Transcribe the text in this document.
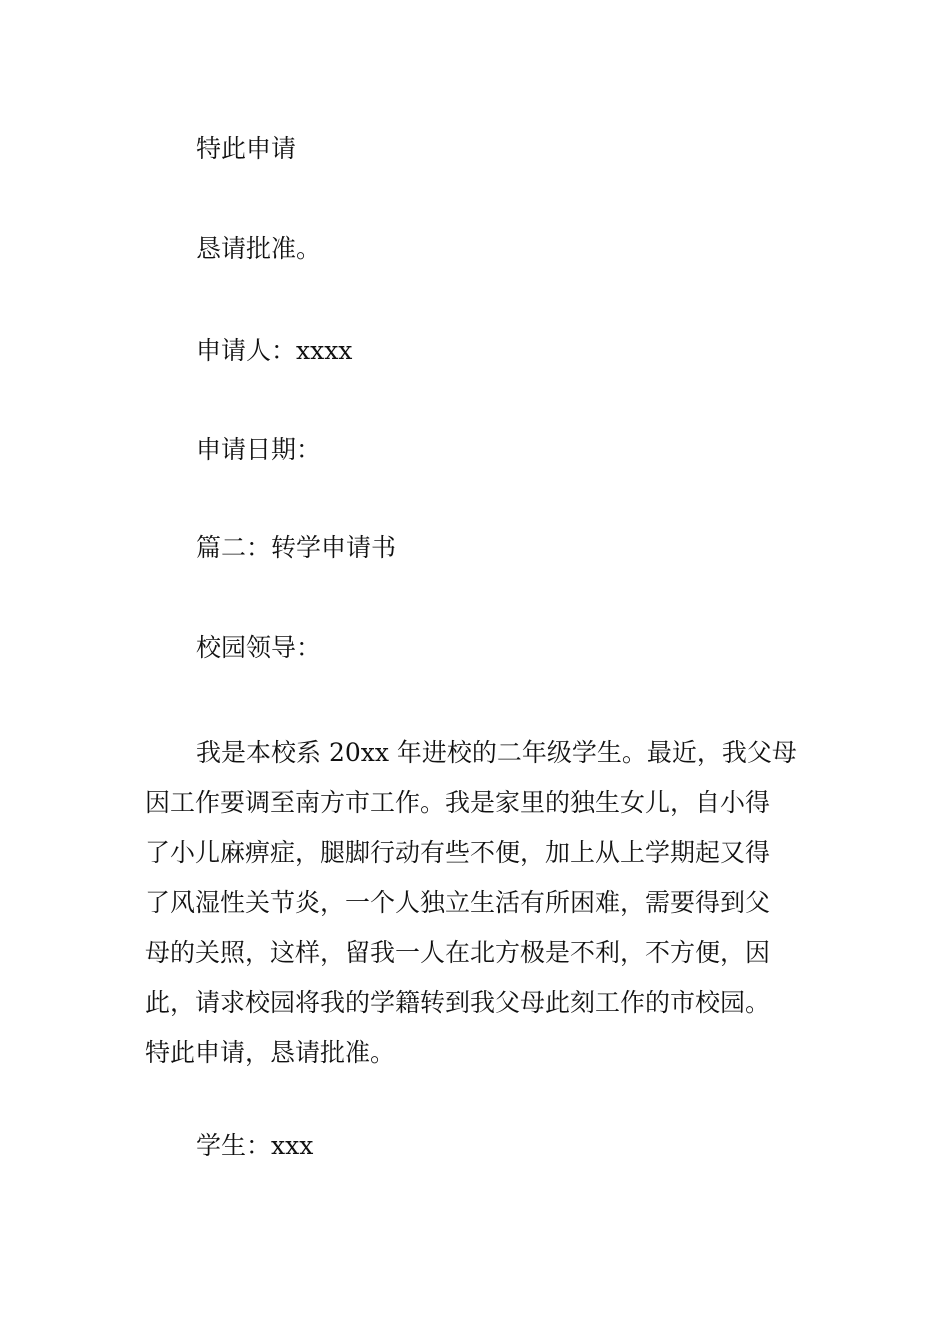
特此申请
恳请批准。
申请人：xxxx
申请日期：
篇二：转学申请书
校园领导：
我是本校系 20xx 年进校的二年级学生。最近，我父母
因工作要调至南方市工作。我是家里的独生女儿，自小得
了小儿麻痹症，腿脚行动有些不便，加上从上学期起又得
了风湿性关节炎，一个人独立生活有所困难，需要得到父
母的关照，这样，留我一人在北方极是不利，不方便，因
此，请求校园将我的学籍转到我父母此刻工作的市校园。
特此申请，恳请批准。
学生：xxx
